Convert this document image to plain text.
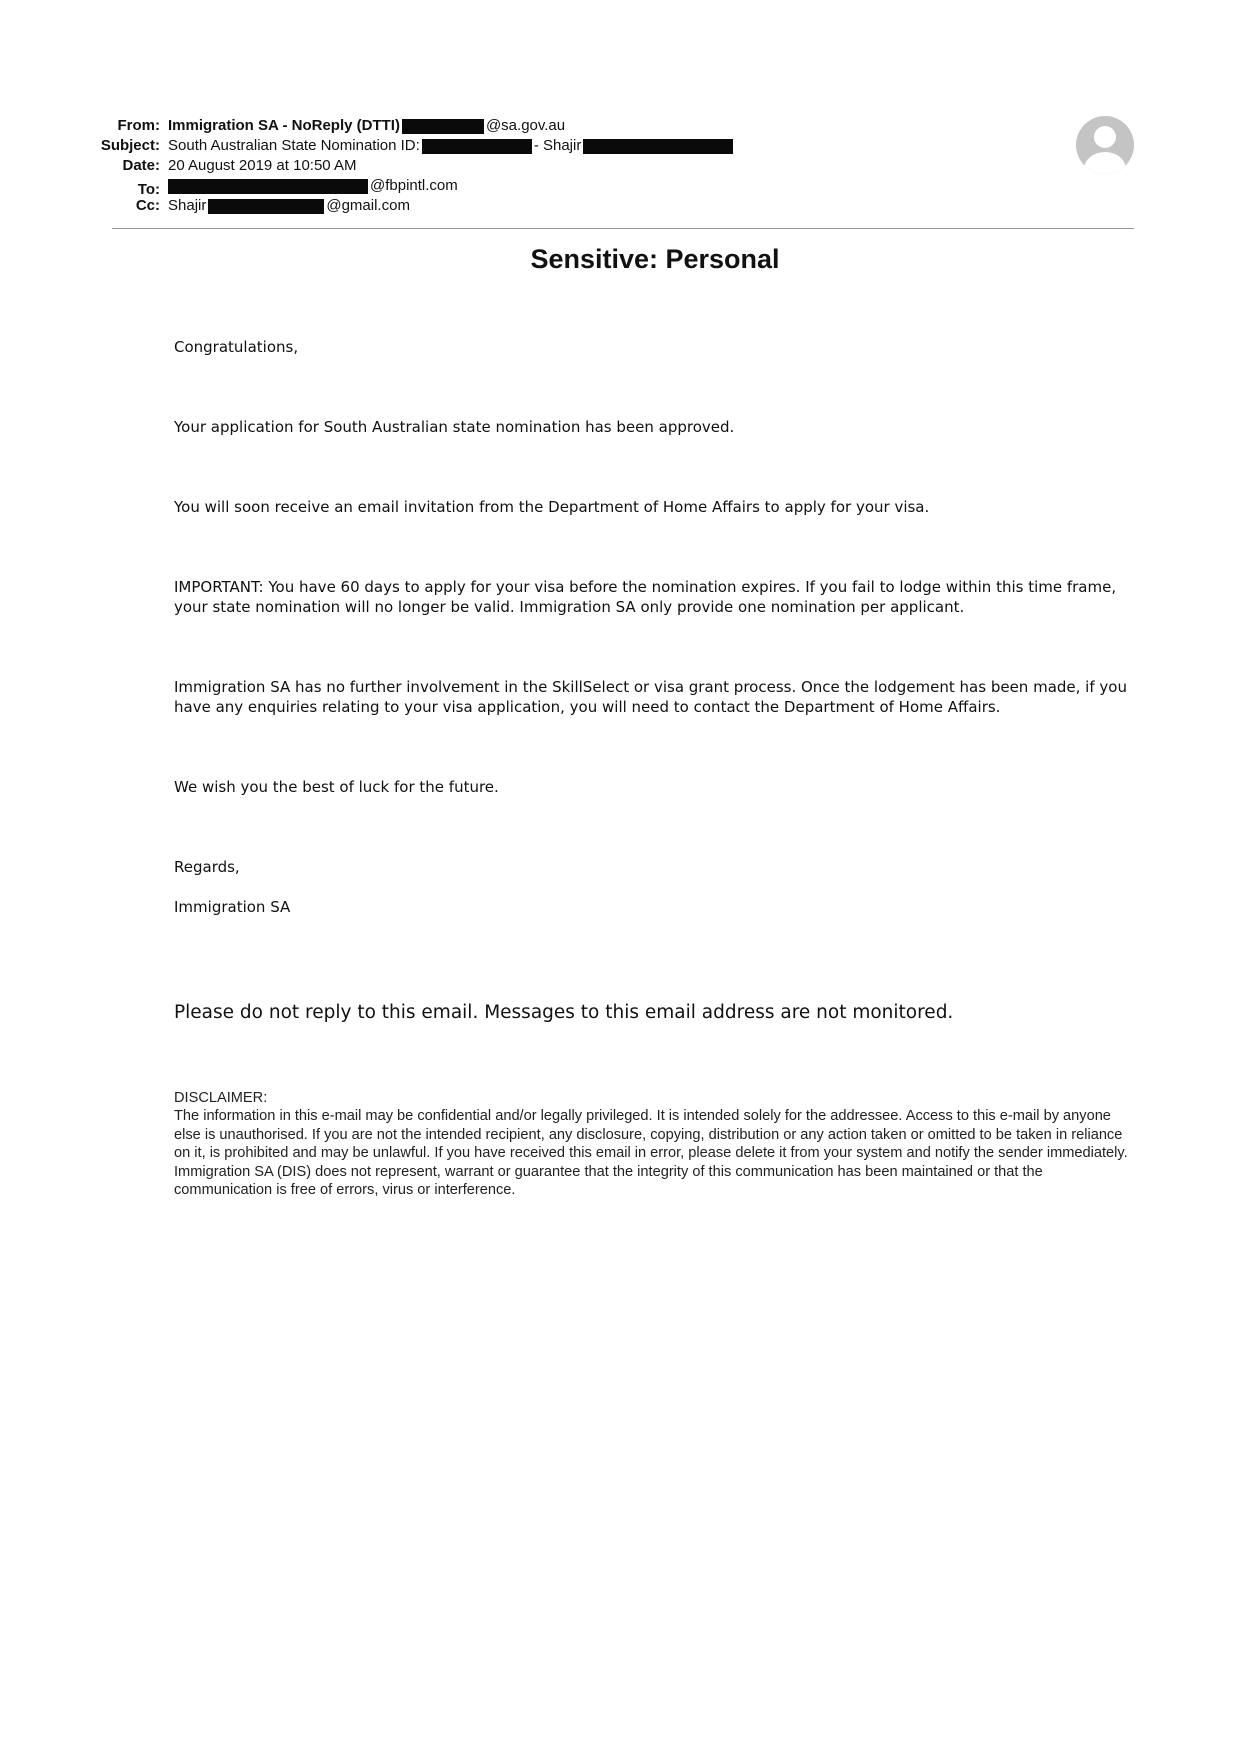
From: Immigration SA - NoReply (DTTI)	@sa.gov.au
Subject: South Australian State Nomination ID:	- Shajir
Date: 20 August 2019 at 10:50 AM
To:	@fbpintl.com
Cc: Shajir	@gmail.com
Sensitive: Personal
Congratulations,
Your application for South Australian state nomination has been approved.
You will soon receive an email invitation from the Department of Home Affairs to apply for your visa.
IMPORTANT: You have 60 days to apply for your visa before the nomination expires. If you fail to lodge within this time frame, your state nomination will no longer be valid. Immigration SA only provide one nomination per applicant.
Immigration SA has no further involvement in the SkillSelect or visa grant process. Once the lodgement has been made, if you have any enquiries relating to your visa application, you will need to contact the Department of Home Affairs.
We wish you the best of luck for the future.
Regards,
Immigration SA
Please do not reply to this email. Messages to this email address are not monitored.
DISCLAIMER:
The information in this e-mail may be confidential and/or legally privileged. It is intended solely for the addressee. Access to this e-mail by anyone else is unauthorised. If you are not the intended recipient, any disclosure, copying, distribution or any action taken or omitted to be taken in reliance on it, is prohibited and may be unlawful. If you have received this email in error, please delete it from your system and notify the sender immediately. Immigration SA (DIS) does not represent, warrant or guarantee that the integrity of this communication has been maintained or that the communication is free of errors, virus or interference.
